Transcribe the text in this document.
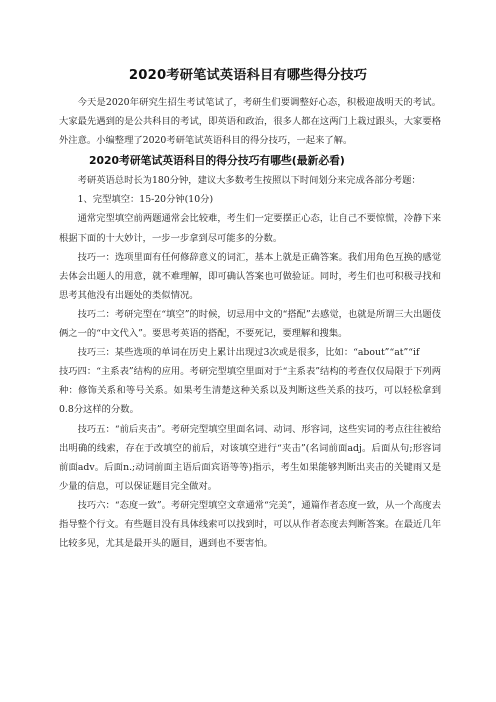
2020考研笔试英语科目有哪些得分技巧

今天是2020年研究生招生考试笔试了，考研生们要调整好心态，积极迎战明天的考试。大家最先遇到的是公共科目的考试，即英语和政治，很多人都在这两门上栽过跟头，大家要格外注意。小编整理了2020考研笔试英语科目的得分技巧，一起来了解。

2020考研笔试英语科目的得分技巧有哪些(最新必看)

考研英语总时长为180分钟，建议大多数考生按照以下时间划分来完成各部分考题：

1、完型填空：15-20分钟(10分)

通常完型填空前两题通常会比较难，考生们一定要摆正心态，让自己不要惊慌，冷静下来根据下面的十大妙计，一步一步拿到尽可能多的分数。

技巧一：选项里面有任何修辞意义的词汇，基本上就是正确答案。我们用角色互换的感觉去体会出题人的用意，就不难理解，即可确认答案也可做验证。同时，考生们也可积极寻找和思考其他没有出题处的类似情况。

技巧二：考研完型在“填空”的时候，切忌用中文的“搭配”去感觉，也就是所谓三大出题伎俩之一的“中文代入”。要思考英语的搭配，不要死记，要理解和搜集。

技巧三：某些选项的单词在历史上累计出现过3次或是很多，比如：“about”“at”“if

技巧四：“主系表”结构的应用。考研完型填空里面对于“主系表”结构的考查仅仅局限于下列两种：修饰关系和等号关系。如果考生清楚这种关系以及判断这些关系的技巧，可以轻松拿到0.8分这样的分数。

技巧五：“前后夹击”。考研完型填空里面名词、动词、形容词，这些实词的考点往往被给出明确的线索，存在于改填空的前后，对该填空进行“夹击”(名词前面adj。后面从句;形容词前面adv。后面n.;动词前面主语后面宾语等等)指示，考生如果能够判断出夹击的关键雨又是少量的信息，可以保证题目完全做对。

技巧六：“态度一致”。考研完型填空文章通常“完美”，通篇作者态度一致，从一个高度去指导整个行文。有些题目没有具体线索可以找到时，可以从作者态度去判断答案。在最近几年比较多见，尤其是最开头的题目，遇到也不要害怕。
